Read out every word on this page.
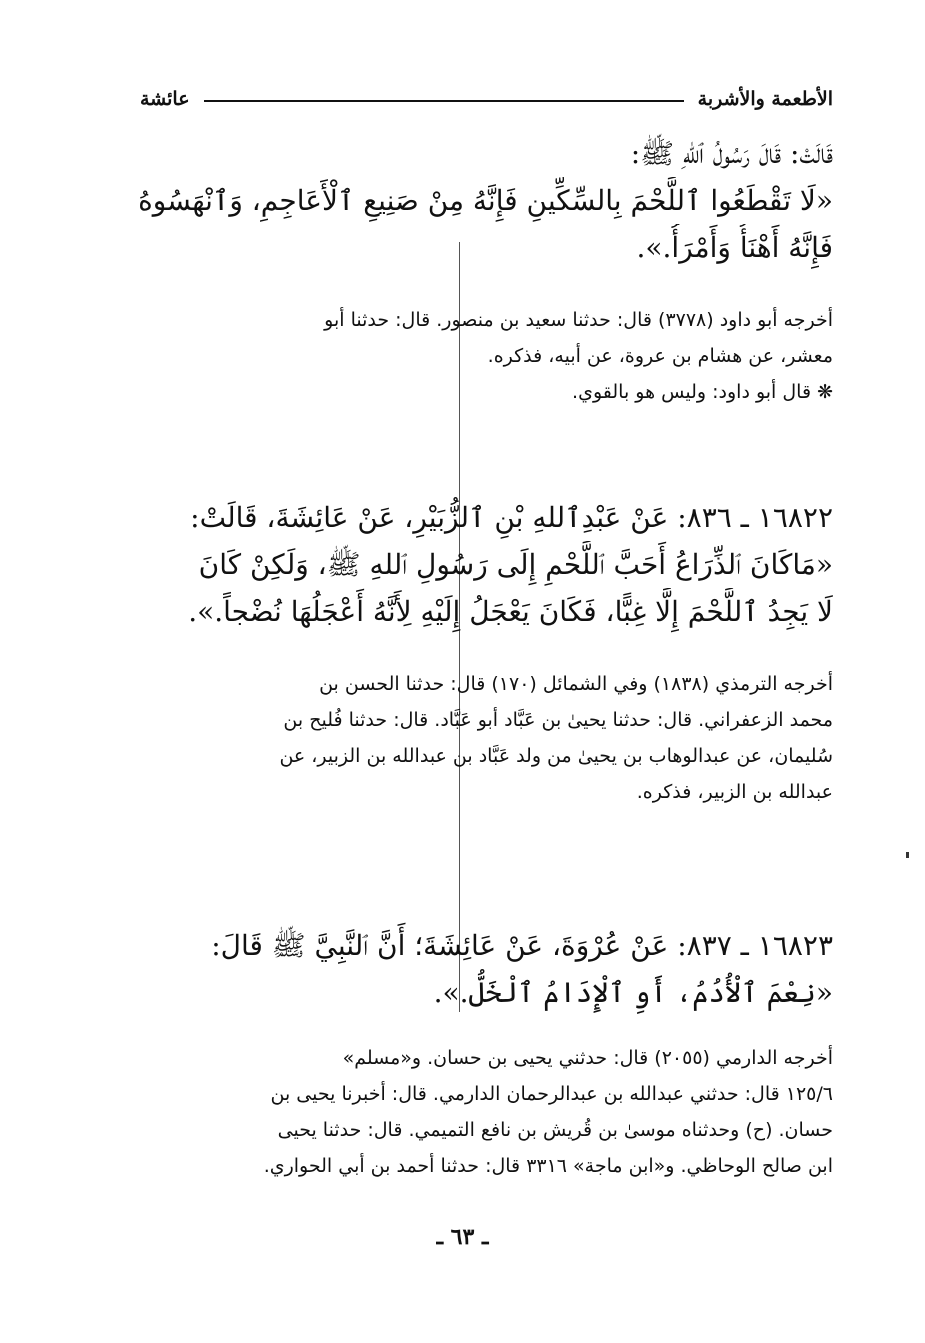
الأطعمة والأشربة
عائشة
قَالَتْ: قَالَ رَسُولُ ٱللهِ ﷺ:
«لَا تَقْطَعُوا ٱللَّحْمَ بِالسِّكِّينِ فَإِنَّهُ مِنْ صَنِيعِ ٱلْأَعَاجِمِ، وَٱنْهَسُوهُ
فَإِنَّهُ أَهْنَأُ وَأَمْرَأُ.».
أخرجه أبو داود (٣٧٧٨) قال: حدثنا سعيد بن منصور. قال: حدثنا أبو
معشر، عن هشام بن عروة، عن أبيه، فذكره.
❋ قال أبو داود: وليس هو بالقوي.
١٦٨٢٢ ـ ٨٣٦: عَنْ عَبْدِٱللهِ بْنِ ٱلزُّبَيْرِ، عَنْ عَائِشَةَ، قَالَتْ:
«مَاكَانَ ٱلذِّرَاعُ أَحَبَّ ٱللَّحْمِ إِلَى رَسُولِ ٱللهِ ﷺ، وَلَكِنْ كَانَ
لَا يَجِدُ ٱللَّحْمَ إِلَّا غِبًّا، فَكَانَ يَعْجَلُ إِلَيْهِ لِأَنَّهُ أَعْجَلُهَا نُضْجاً.».
أخرجه الترمذي (١٨٣٨) وفي الشمائل (١٧٠) قال: حدثنا الحسن بن
محمد الزعفراني. قال: حدثنا يحيىٰ بن عَبَّاد أبو عَبَّاد. قال: حدثنا فُليح بن
سُليمان، عن عبدالوهاب بن يحيىٰ من ولد عَبَّاد بن عبدالله بن الزبير، عن
عبدالله بن الزبير، فذكره.
١٦٨٢٣ ـ ٨٣٧: عَنْ عُرْوَةَ، عَنْ عَائِشَةَ؛ أَنَّ ٱلنَّبِيَّ ﷺ قَالَ:
«نِعْمَ ٱلْأُدُمُ، أَوِ ٱلْإِدَامُ ٱلْخَلُّ.».
أخرجه الدارمي (٢٠٥٥) قال: حدثني يحيى بن حسان. و«مسلم»
١٢٥/٦ قال: حدثني عبدالله بن عبدالرحمان الدارمي. قال: أخبرنا يحيى بن
حسان. (ح) وحدثناه موسىٰ بن قُريش بن نافع التميمي. قال: حدثنا يحيى
ابن صالح الوحاظي. و«ابن ماجة» ٣٣١٦ قال: حدثنا أحمد بن أبي الحواري.
ـ ٦٣ ـ
